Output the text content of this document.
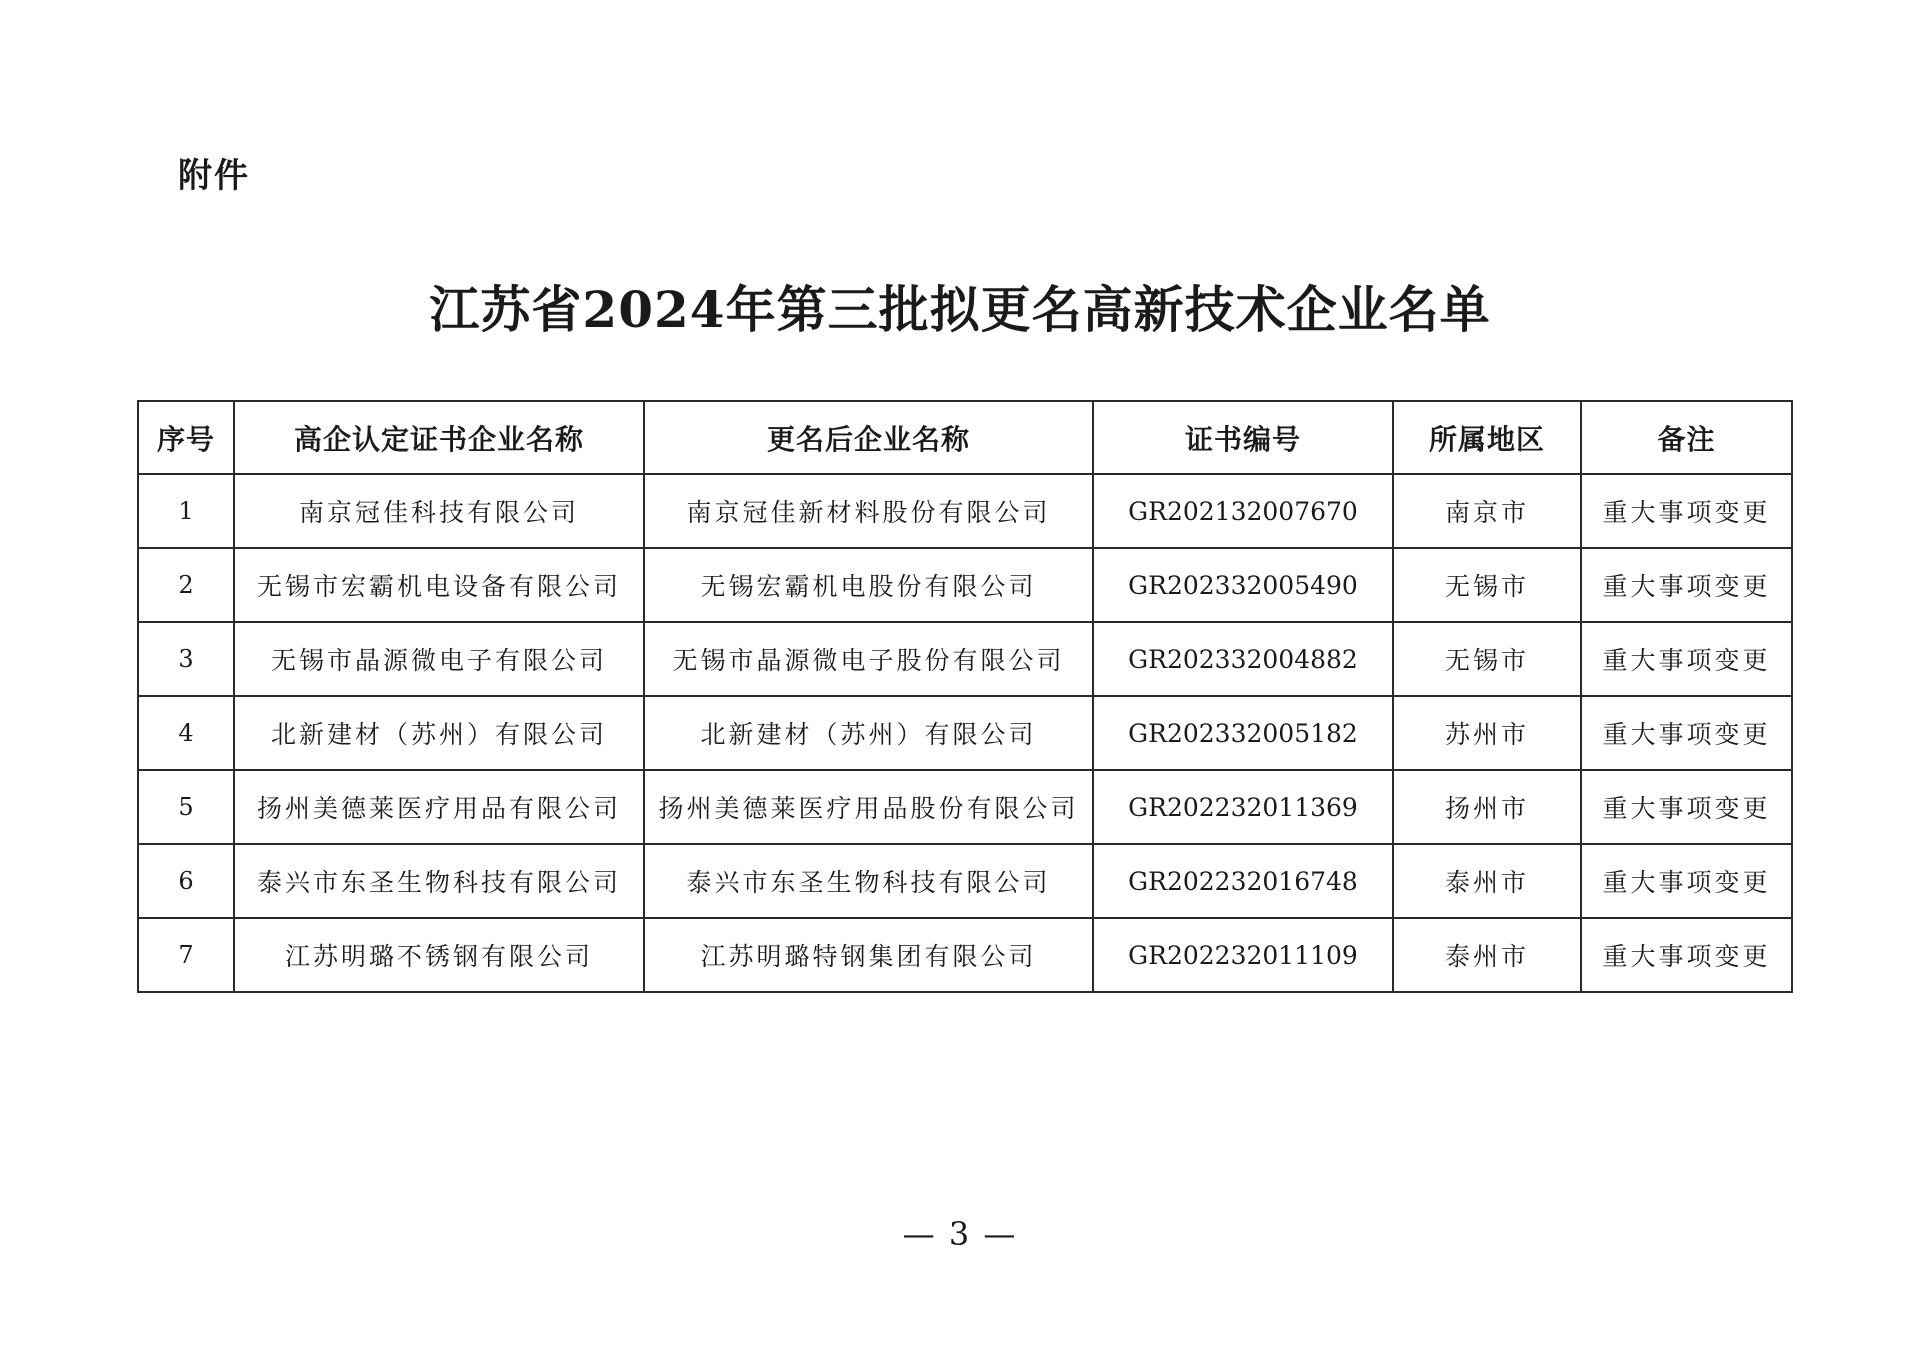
附件
江苏省2024年第三批拟更名高新技术企业名单
序号	高企认定证书企业名称	更名后企业名称	证书编号	所属地区	备注
1	南京冠佳科技有限公司	南京冠佳新材料股份有限公司	GR202132007670	南京市	重大事项变更
2	无锡市宏霸机电设备有限公司	无锡宏霸机电股份有限公司	GR202332005490	无锡市	重大事项变更
3	无锡市晶源微电子有限公司	无锡市晶源微电子股份有限公司	GR202332004882	无锡市	重大事项变更
4	北新建材（苏州）有限公司	北新建材（苏州）有限公司	GR202332005182	苏州市	重大事项变更
5	扬州美德莱医疗用品有限公司	扬州美德莱医疗用品股份有限公司	GR202232011369	扬州市	重大事项变更
6	泰兴市东圣生物科技有限公司	泰兴市东圣生物科技有限公司	GR202232016748	泰州市	重大事项变更
7	江苏明璐不锈钢有限公司	江苏明璐特钢集团有限公司	GR202232011109	泰州市	重大事项变更
— 3 —
